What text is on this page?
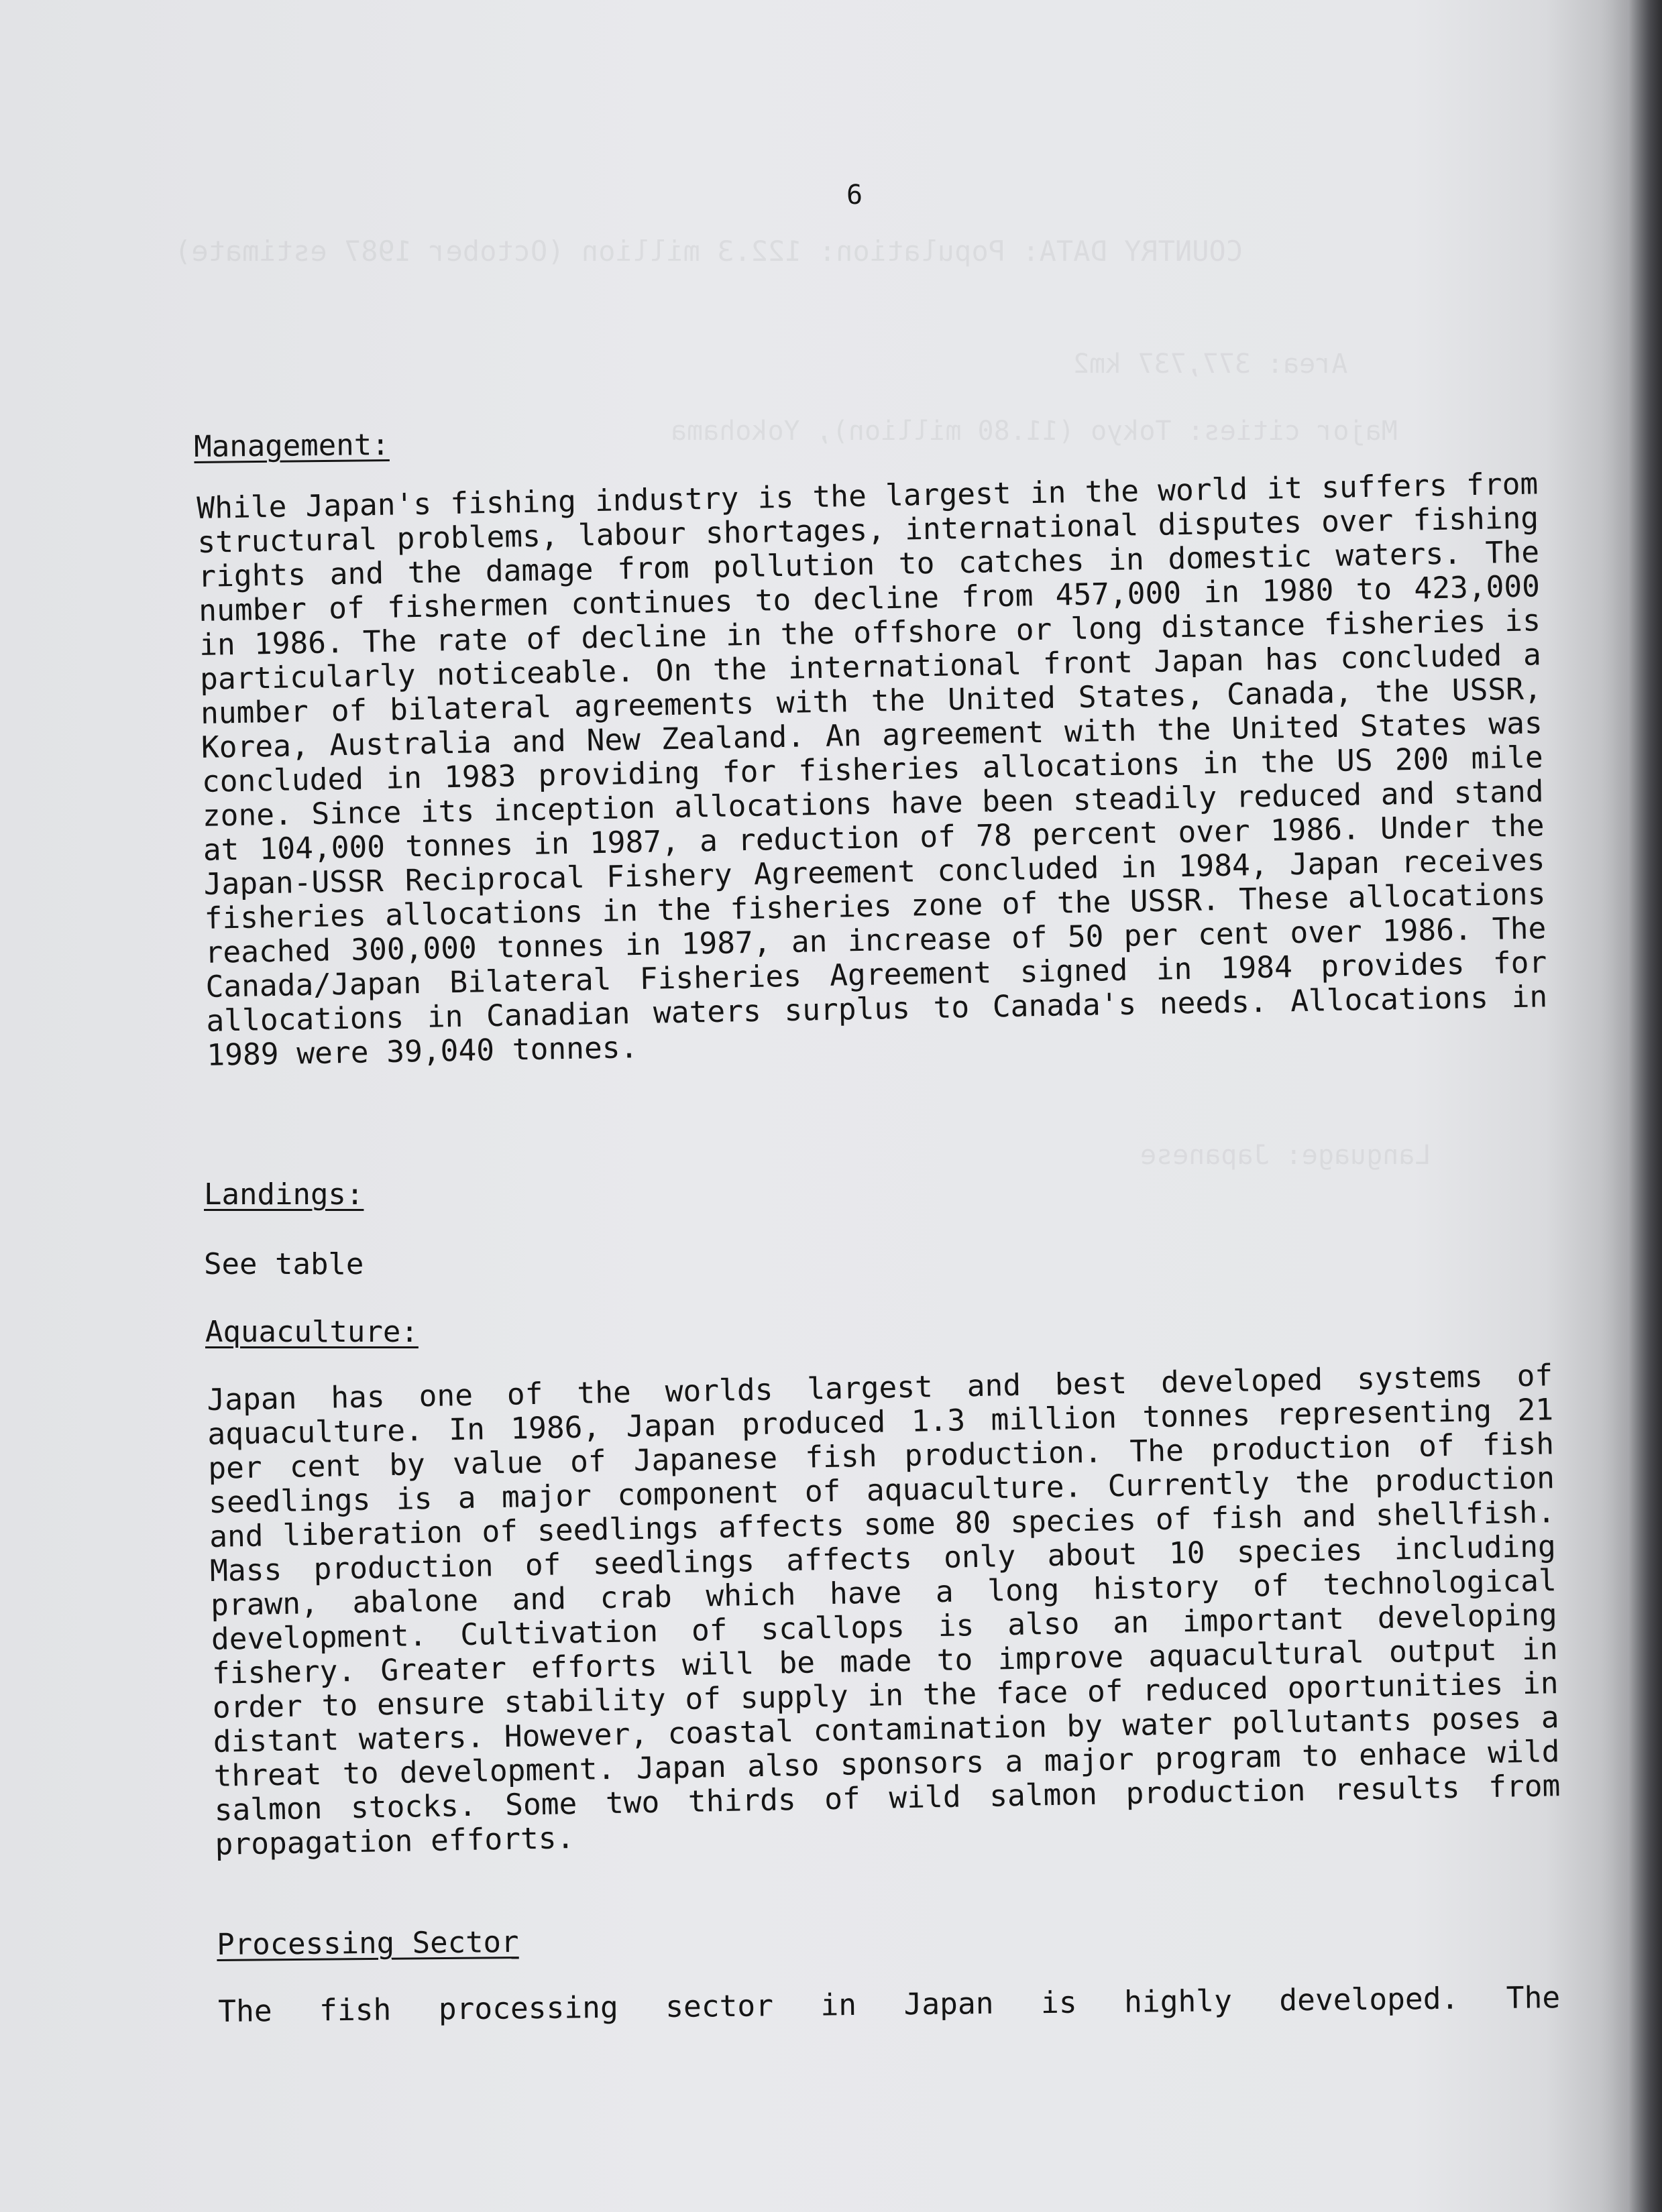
COUNTRY DATA: Population: 122.3 million (October 1987 estimate)
Area: 377,737 km2
Major cities: Tokyo (11.80 million), Yokohama
Language: Japanese
6
Management:

While Japan's fishing industry is the largest in the world it suffers from structural problems, labour shortages, international disputes over fishing rights and the damage from pollution to catches in domestic waters. The number of fishermen continues to decline from 457,000 in 1980 to 423,000 in 1986. The rate of decline in the offshore or long distance fisheries is particularly noticeable. On the international front Japan has concluded a number of bilateral agreements with the United States, Canada, the USSR, Korea, Australia and New Zealand. An agreement with the United States was concluded in 1983 providing for fisheries allocations in the US 200 mile zone. Since its inception allocations have been steadily reduced and stand at 104,000 tonnes in 1987, a reduction of 78 percent over 1986. Under the Japan-USSR Reciprocal Fishery Agreement concluded in 1984, Japan receives fisheries allocations in the fisheries zone of the USSR. These allocations reached 300,000 tonnes in 1987, an increase of 50 per cent over 1986. The Canada/Japan Bilateral Fisheries Agreement signed in 1984 provides for allocations in Canadian waters surplus to Canada's needs. Allocations in 1989 were 39,040 tonnes.

Landings:
See table
Aquaculture:

Japan has one of the worlds largest and best developed systems of aquaculture. In 1986, Japan produced 1.3 million tonnes representing 21 per cent by value of Japanese fish production. The production of fish seedlings is a major component of aquaculture. Currently the production and liberation of seedlings affects some 80 species of fish and shellfish. Mass production of seedlings affects only about 10 species including prawn, abalone and crab which have a long history of technological development. Cultivation of scallops is also an important developing fishery. Greater efforts will be made to improve aquacultural output in order to ensure stability of supply in the face of reduced oportunities in distant waters. However, coastal contamination by water pollutants poses a threat to development. Japan also sponsors a major program to enhace wild salmon stocks. Some two thirds of wild salmon production results from propagation efforts.

Processing Sector

The fish processing sector in Japan is highly developed. The
